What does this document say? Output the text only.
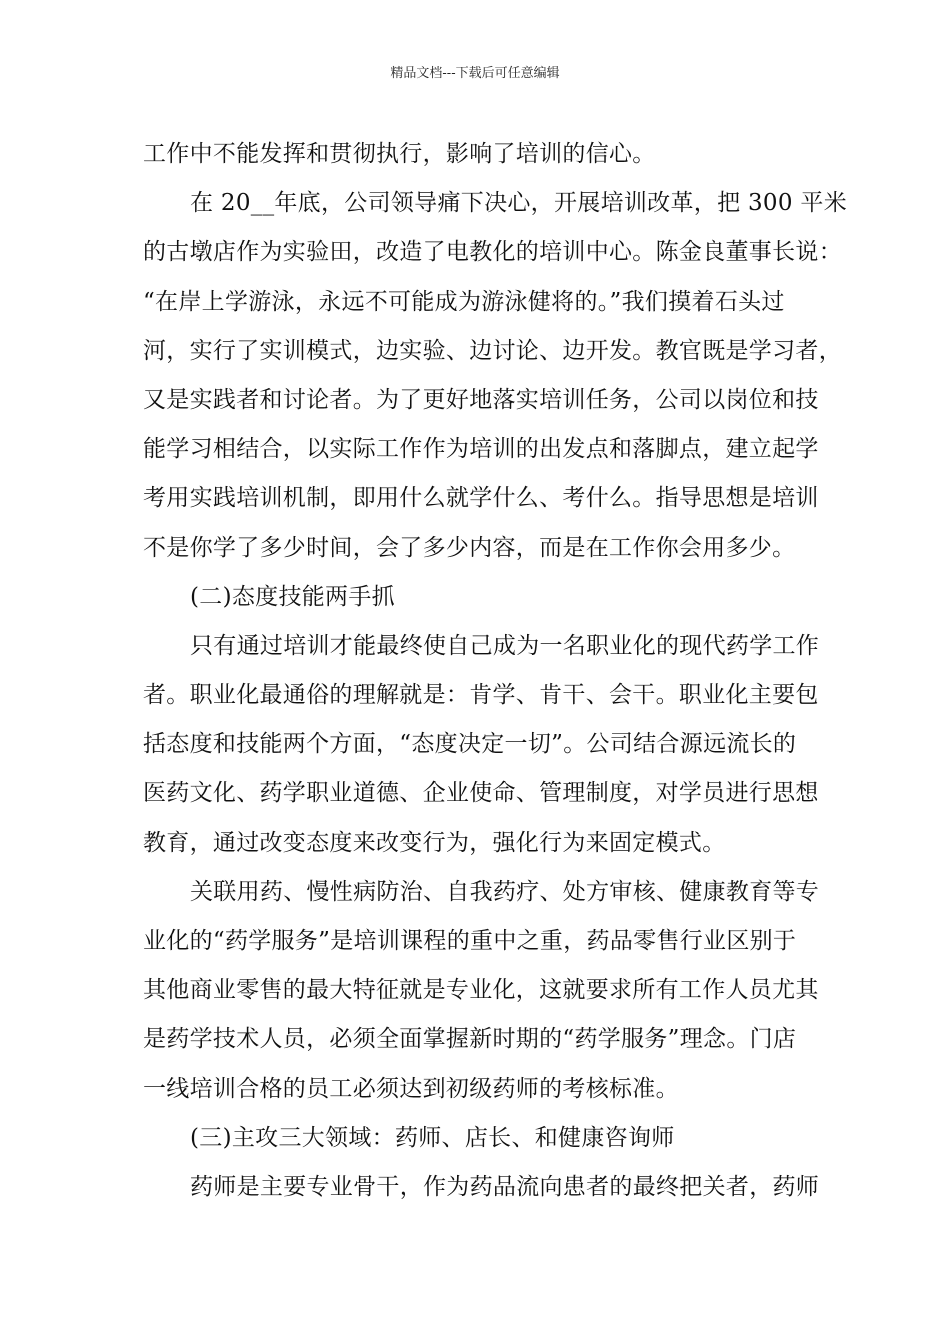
精品文档---下载后可任意编辑
工作中不能发挥和贯彻执行，影响了培训的信心。
在 20__年底，公司领导痛下决心，开展培训改革，把 300 平米
的古墩店作为实验田，改造了电教化的培训中心。陈金良董事长说：
“在岸上学游泳，永远不可能成为游泳健将的。”我们摸着石头过
河，实行了实训模式，边实验、边讨论、边开发。教官既是学习者，
又是实践者和讨论者。为了更好地落实培训任务，公司以岗位和技
能学习相结合，以实际工作作为培训的出发点和落脚点，建立起学
考用实践培训机制，即用什么就学什么、考什么。指导思想是培训
不是你学了多少时间，会了多少内容，而是在工作你会用多少。
(二)态度技能两手抓
只有通过培训才能最终使自己成为一名职业化的现代药学工作
者。职业化最通俗的理解就是：肯学、肯干、会干。职业化主要包
括态度和技能两个方面，“态度决定一切”。公司结合源远流长的
医药文化、药学职业道德、企业使命、管理制度，对学员进行思想
教育，通过改变态度来改变行为，强化行为来固定模式。
关联用药、慢性病防治、自我药疗、处方审核、健康教育等专
业化的“药学服务”是培训课程的重中之重，药品零售行业区别于
其他商业零售的最大特征就是专业化，这就要求所有工作人员尤其
是药学技术人员，必须全面掌握新时期的“药学服务”理念。门店
一线培训合格的员工必须达到初级药师的考核标准。
(三)主攻三大领域：药师、店长、和健康咨询师
药师是主要专业骨干，作为药品流向患者的最终把关者，药师
